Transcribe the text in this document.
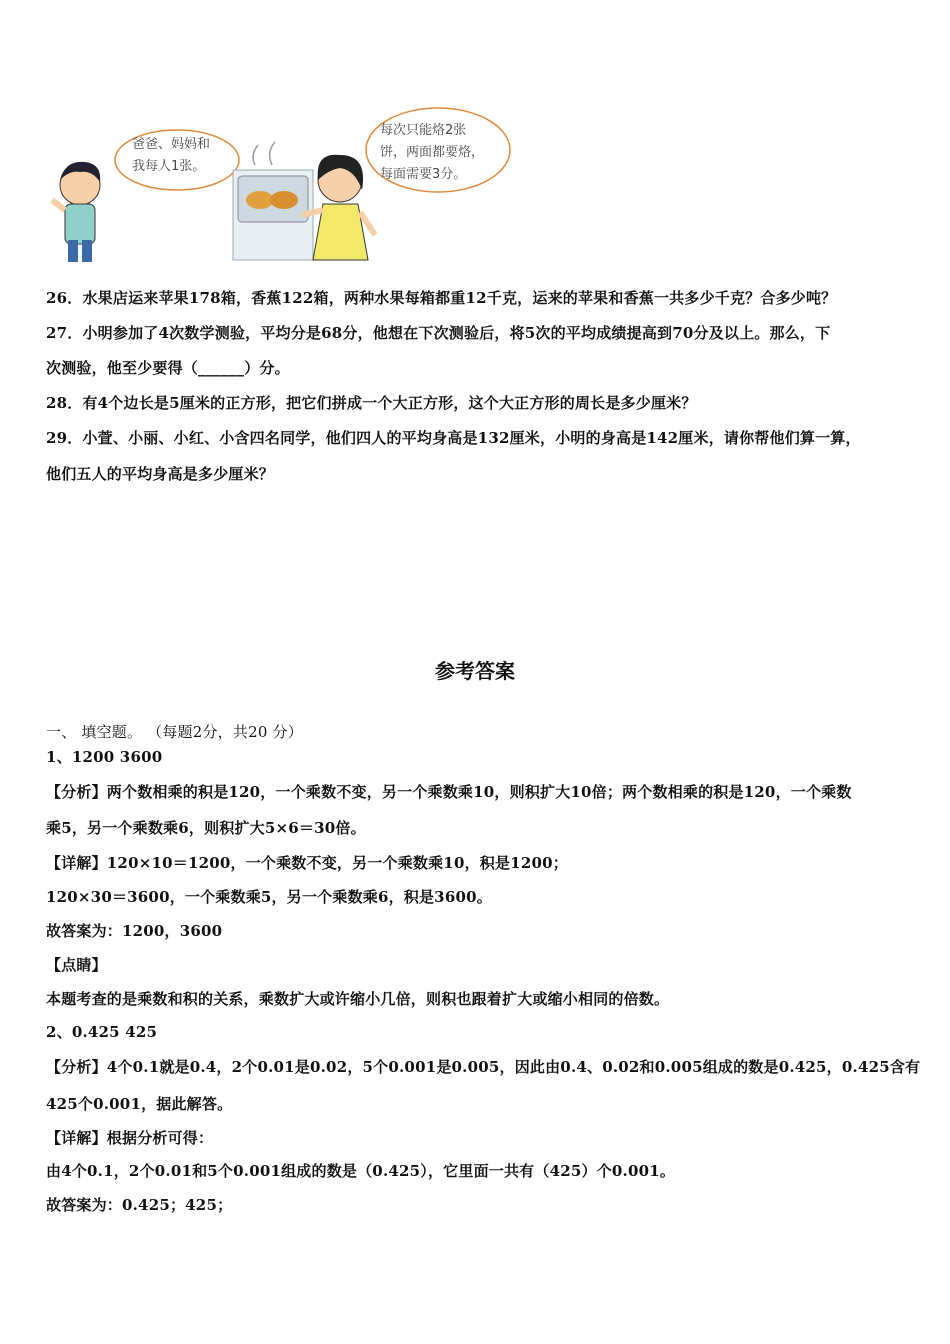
爸爸、妈妈和
我每人1张。
每次只能烙2张
饼，两面都要烙，
每面需要3分。
26．水果店运来苹果178箱，香蕉122箱，两种水果每箱都重12千克，运来的苹果和香蕉一共多少千克？合多少吨？
27．小明参加了4次数学测验，平均分是68分，他想在下次测验后，将5次的平均成绩提高到70分及以上。那么，下
次测验，他至少要得（______）分。
28．有4个边长是5厘米的正方形，把它们拼成一个大正方形，这个大正方形的周长是多少厘米？
29．小萱、小丽、小红、小含四名同学，他们四人的平均身高是132厘米，小明的身高是142厘米，请你帮他们算一算，
他们五人的平均身高是多少厘米？
参考答案
一、 填空题。 （每题2分，共20 分）
1、1200 3600
【分析】两个数相乘的积是120，一个乘数不变，另一个乘数乘10，则积扩大10倍；两个数相乘的积是120，一个乘数
乘5，另一个乘数乘6，则积扩大5×6＝30倍。
【详解】120×10＝1200，一个乘数不变，另一个乘数乘10，积是1200；
120×30＝3600，一个乘数乘5，另一个乘数乘6，积是3600。
故答案为：1200，3600
【点睛】
本题考查的是乘数和积的关系，乘数扩大或许缩小几倍，则积也跟着扩大或缩小相同的倍数。
2、0.425 425
【分析】4个0.1就是0.4，2个0.01是0.02，5个0.001是0.005，因此由0.4、0.02和0.005组成的数是0.425，0.425含有
425个0.001，据此解答。
【详解】根据分析可得：
由4个0.1，2个0.01和5个0.001组成的数是（0.425），它里面一共有（425）个0.001。
故答案为：0.425；425；
